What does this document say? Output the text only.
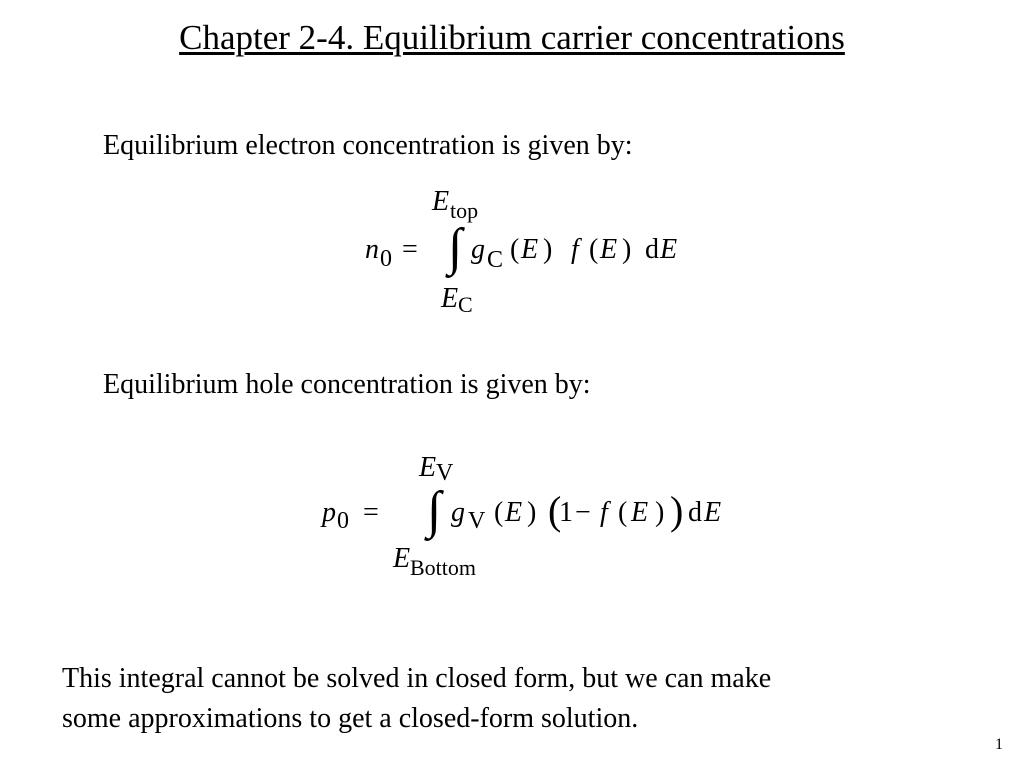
Chapter 2-4. Equilibrium carrier concentrations
Equilibrium electron concentration is given by:
E top
n 0 = ∫ g C ( E ) f ( E ) d E
E C
Equilibrium hole concentration is given by:
E V
p 0 = ∫ g V ( E ) (
1 − f ( E ) ) d E
E Bottom
This integral cannot be solved in closed form, but we can make
some approximations to get a closed-form solution.
1
